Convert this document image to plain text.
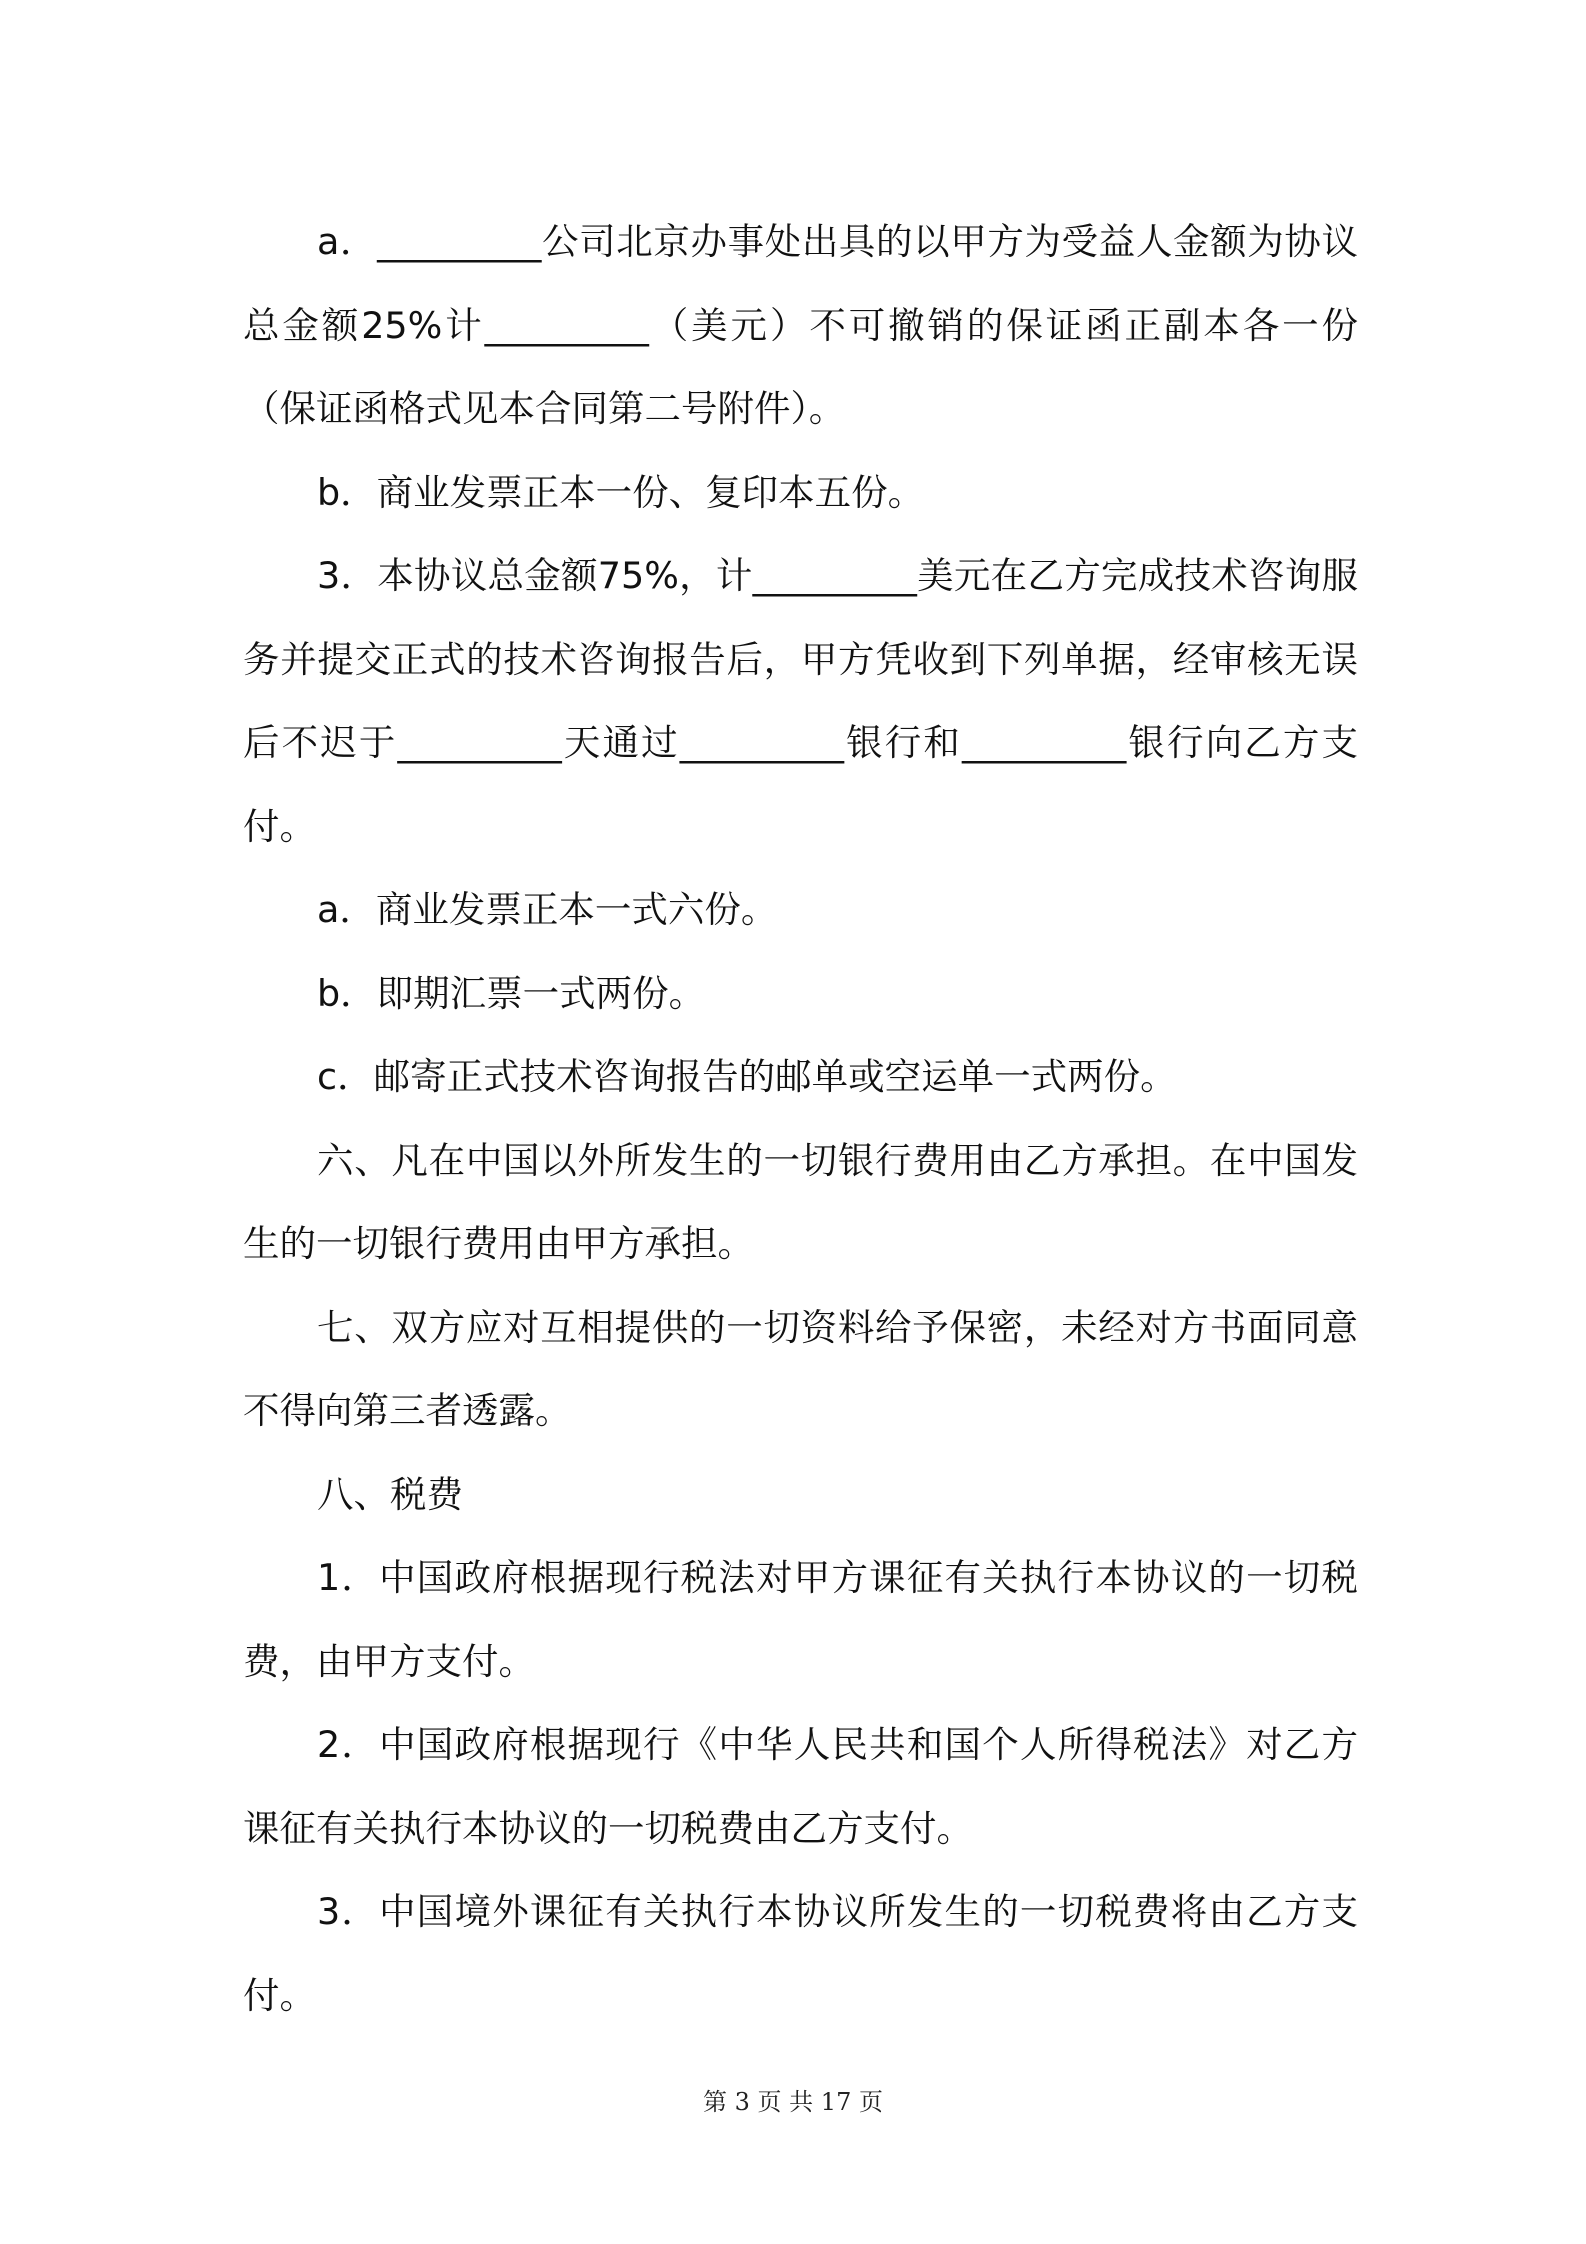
a．_________公司北京办事处出具的以甲方为受益人金额为协议总金额25%计_________（美元）不可撤销的保证函正副本各一份（保证函格式见本合同第二号附件）。

b．商业发票正本一份、复印本五份。

3．本协议总金额75%，计_________美元在乙方完成技术咨询服务并提交正式的技术咨询报告后，甲方凭收到下列单据，经审核无误后不迟于_________天通过_________银行和_________银行向乙方支付。

a．商业发票正本一式六份。

b．即期汇票一式两份。

c．邮寄正式技术咨询报告的邮单或空运单一式两份。

六、凡在中国以外所发生的一切银行费用由乙方承担。在中国发生的一切银行费用由甲方承担。

七、双方应对互相提供的一切资料给予保密，未经对方书面同意不得向第三者透露。

八、税费

1．中国政府根据现行税法对甲方课征有关执行本协议的一切税费，由甲方支付。

2．中国政府根据现行《中华人民共和国个人所得税法》对乙方课征有关执行本协议的一切税费由乙方支付。

3．中国境外课征有关执行本协议所发生的一切税费将由乙方支付。

第 3 页 共 17 页
